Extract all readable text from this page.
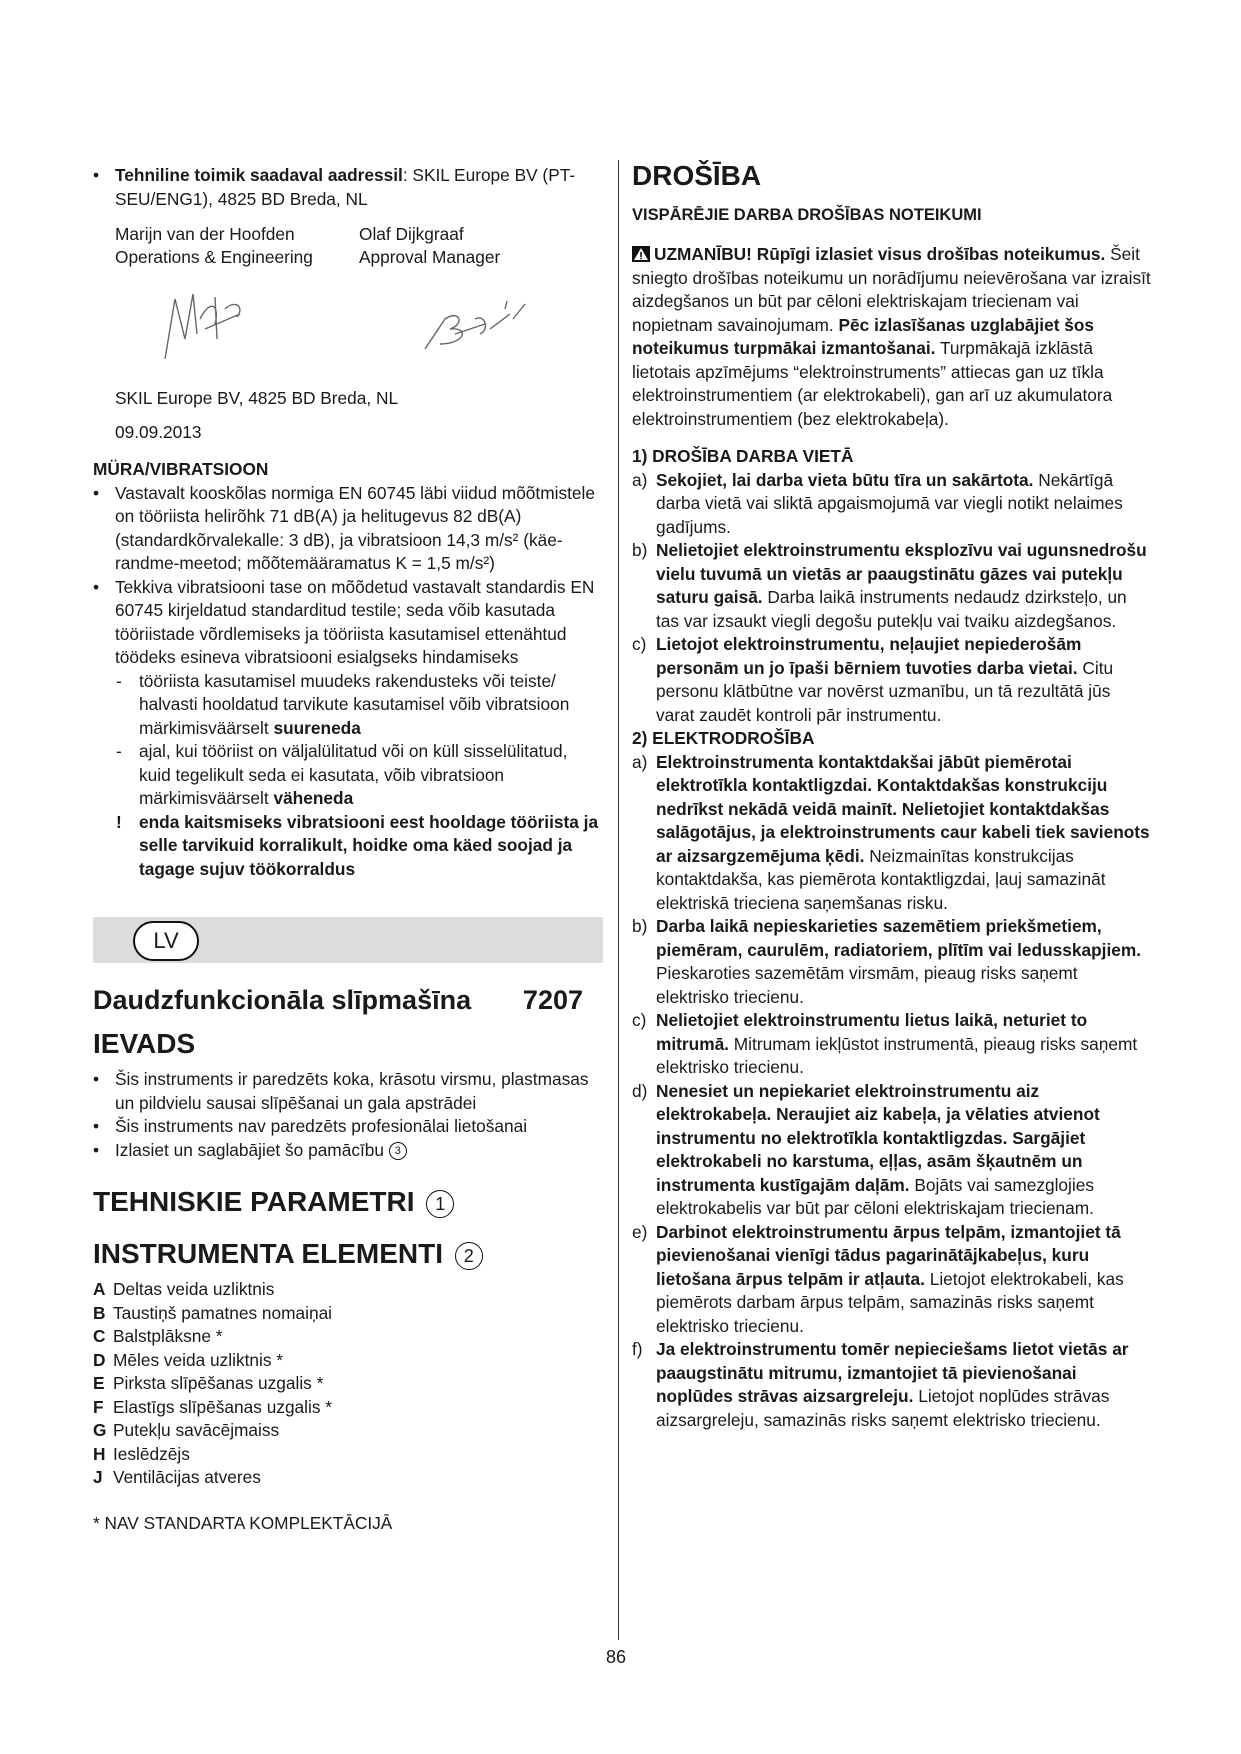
• Tehniline toimik saadaval aadressil: SKIL Europe BV (PT-SEU/ENG1), 4825 BD Breda, NL
Marijn van der Hoofden
Operations & Engineering
Olaf Dijkgraaf
Approval Manager
SKIL Europe BV, 4825 BD Breda, NL
09.09.2013
MÜRA/VIBRATSIOON
• Vastavalt kooskõlas normiga EN 60745 läbi viidud mõõtmistele on tööriista helirõhk 71 dB(A) ja helitugevus 82 dB(A) (standardkõrvalekalle: 3 dB), ja vibratsioon 14,3 m/s² (käe-randme-meetod; mõõtemääramatus K = 1,5 m/s²)
• Tekkiva vibratsiooni tase on mõõdetud vastavalt standardis EN 60745 kirjeldatud standarditud testile; seda võib kasutada tööriistade võrdlemiseks ja tööriista kasutamisel ettenähtud töödeks esineva vibratsiooni esialgseks hindamiseks
- tööriista kasutamisel muudeks rakendusteks või teiste/ halvasti hooldatud tarvikute kasutamisel võib vibratsioon märkimisväärselt suureneda
- ajal, kui tööriist on väljalülitatud või on küll sisselülitatud, kuid tegelikult seda ei kasutata, võib vibratsioon märkimisväärselt väheneda
! enda kaitsmiseks vibratsiooni eest hooldage tööriista ja selle tarvikuid korralikult, hoidke oma käed soojad ja tagage sujuv töökorraldus
LV
Daudzfunkcionāla slīpmašīna 7207
IEVADS
• Šis instruments ir paredzēts koka, krāsotu virsmu, plastmasas un pildvielu sausai slīpēšanai un gala apstrādei
• Šis instruments nav paredzēts profesionālai lietošanai
• Izlasiet un saglabājiet šo pamācību 3
TEHNISKIE PARAMETRI 1
INSTRUMENTA ELEMENTI 2
A Deltas veida uzliktnis
B Taustiņš pamatnes nomaiņai
C Balstplāksne *
D Mēles veida uzliktnis *
E Pirksta slīpēšanas uzgalis *
F Elastīgs slīpēšanas uzgalis *
G Putekļu savācējmaiss
H Ieslēdzējs
J Ventilācijas atveres
* NAV STANDARTA KOMPLEKTĀCIJĀ
DROŠĪBA
VISPĀRĒJIE DARBA DROŠĪBAS NOTEIKUMI
UZMANĪBU! Rūpīgi izlasiet visus drošības noteikumus. Šeit sniegto drošības noteikumu un norādījumu neievērošana var izraisīt aizdegšanos un būt par cēloni elektriskajam triecienam vai nopietnam savainojumam. Pēc izlasīšanas uzglabājiet šos noteikumus turpmākai izmantošanai. Turpmākajā izklāstā lietotais apzīmējums “elektroinstruments” attiecas gan uz tīkla elektroinstrumentiem (ar elektrokabeli), gan arī uz akumulatora elektroinstrumentiem (bez elektrokabeļa).
1) DROŠĪBA DARBA VIETĀ
a) Sekojiet, lai darba vieta būtu tīra un sakārtota. Nekārtīgā darba vietā vai sliktā apgaismojumā var viegli notikt nelaimes gadījums.
b) Nelietojiet elektroinstrumentu eksplozīvu vai ugunsnedrošu vielu tuvumā un vietās ar paaugstinātu gāzes vai putekļu saturu gaisā. Darba laikā instruments nedaudz dzirksteļo, un tas var izsaukt viegli degošu putekļu vai tvaiku aizdegšanos.
c) Lietojot elektroinstrumentu, neļaujiet nepiederošām personām un jo īpaši bērniem tuvoties darba vietai. Citu personu klātbūtne var novērst uzmanību, un tā rezultātā jūs varat zaudēt kontroli pār instrumentu.
2) ELEKTRODROŠĪBA
a) Elektroinstrumenta kontaktdakšai jābūt piemērotai elektrotīkla kontaktligzdai. Kontaktdakšas konstrukciju nedrīkst nekādā veidā mainīt. Nelietojiet kontaktdakšas salāgotājus, ja elektroinstruments caur kabeli tiek savienots ar aizsargzemējuma ķēdi. Neizmainītas konstrukcijas kontaktdakša, kas piemērota kontaktligzdai, ļauj samazināt elektriskā trieciena saņemšanas risku.
b) Darba laikā nepieskarieties sazemētiem priekšmetiem, piemēram, caurulēm, radiatoriem, plītīm vai ledusskapjiem. Pieskaroties sazemētām virsmām, pieaug risks saņemt elektrisko triecienu.
c) Nelietojiet elektroinstrumentu lietus laikā, neturiet to mitrumā. Mitrumam iekļūstot instrumentā, pieaug risks saņemt elektrisko triecienu.
d) Nenesiet un nepiekariet elektroinstrumentu aiz elektrokabeļa. Neraujiet aiz kabeļa, ja vēlaties atvienot instrumentu no elektrotīkla kontaktligzdas. Sargājiet elektrokabeli no karstuma, eļļas, asām šķautnēm un instrumenta kustīgajām daļām. Bojāts vai samezglojies elektrokabelis var būt par cēloni elektriskajam triecienam.
e) Darbinot elektroinstrumentu ārpus telpām, izmantojiet tā pievienošanai vienīgi tādus pagarinātājkabeļus, kuru lietošana ārpus telpām ir atļauta. Lietojot elektrokabeli, kas piemērots darbam ārpus telpām, samazinās risks saņemt elektrisko triecienu.
f) Ja elektroinstrumentu tomēr nepieciešams lietot vietās ar paaugstinātu mitrumu, izmantojiet tā pievienošanai noplūdes strāvas aizsargreleju. Lietojot noplūdes strāvas aizsargreleju, samazinās risks saņemt elektrisko triecienu.
86
